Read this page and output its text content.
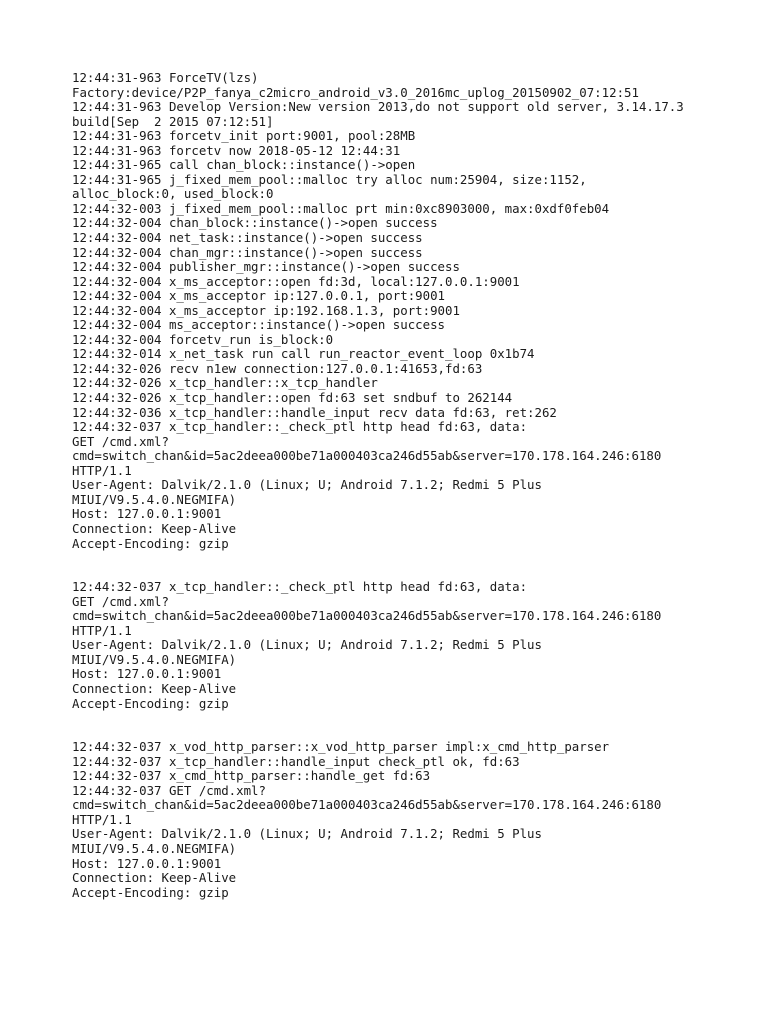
12:44:31-963 ForceTV(lzs)
Factory:device/P2P_fanya_c2micro_android_v3.0_2016mc_uplog_20150902_07:12:51
12:44:31-963 Develop Version:New version 2013,do not support old server, 3.14.17.3
build[Sep  2 2015 07:12:51]
12:44:31-963 forcetv_init port:9001, pool:28MB
12:44:31-963 forcetv now 2018-05-12 12:44:31
12:44:31-965 call chan_block::instance()->open
12:44:31-965 j_fixed_mem_pool::malloc try alloc num:25904, size:1152,
alloc_block:0, used_block:0
12:44:32-003 j_fixed_mem_pool::malloc prt min:0xc8903000, max:0xdf0feb04
12:44:32-004 chan_block::instance()->open success
12:44:32-004 net_task::instance()->open success
12:44:32-004 chan_mgr::instance()->open success
12:44:32-004 publisher_mgr::instance()->open success
12:44:32-004 x_ms_acceptor::open fd:3d, local:127.0.0.1:9001
12:44:32-004 x_ms_acceptor ip:127.0.0.1, port:9001
12:44:32-004 x_ms_acceptor ip:192.168.1.3, port:9001
12:44:32-004 ms_acceptor::instance()->open success
12:44:32-004 forcetv_run is_block:0
12:44:32-014 x_net_task run call run_reactor_event_loop 0x1b74
12:44:32-026 recv n1ew connection:127.0.0.1:41653,fd:63
12:44:32-026 x_tcp_handler::x_tcp_handler
12:44:32-026 x_tcp_handler::open fd:63 set sndbuf to 262144
12:44:32-036 x_tcp_handler::handle_input recv data fd:63, ret:262
12:44:32-037 x_tcp_handler::_check_ptl http head fd:63, data:
GET /cmd.xml?
cmd=switch_chan&id=5ac2deea000be71a000403ca246d55ab&server=170.178.164.246:6180
HTTP/1.1
User-Agent: Dalvik/2.1.0 (Linux; U; Android 7.1.2; Redmi 5 Plus
MIUI/V9.5.4.0.NEGMIFA)
Host: 127.0.0.1:9001
Connection: Keep-Alive
Accept-Encoding: gzip
12:44:32-037 x_tcp_handler::_check_ptl http head fd:63, data:
GET /cmd.xml?
cmd=switch_chan&id=5ac2deea000be71a000403ca246d55ab&server=170.178.164.246:6180
HTTP/1.1
User-Agent: Dalvik/2.1.0 (Linux; U; Android 7.1.2; Redmi 5 Plus
MIUI/V9.5.4.0.NEGMIFA)
Host: 127.0.0.1:9001
Connection: Keep-Alive
Accept-Encoding: gzip
12:44:32-037 x_vod_http_parser::x_vod_http_parser impl:x_cmd_http_parser
12:44:32-037 x_tcp_handler::handle_input check_ptl ok, fd:63
12:44:32-037 x_cmd_http_parser::handle_get fd:63
12:44:32-037 GET /cmd.xml?
cmd=switch_chan&id=5ac2deea000be71a000403ca246d55ab&server=170.178.164.246:6180
HTTP/1.1
User-Agent: Dalvik/2.1.0 (Linux; U; Android 7.1.2; Redmi 5 Plus
MIUI/V9.5.4.0.NEGMIFA)
Host: 127.0.0.1:9001
Connection: Keep-Alive
Accept-Encoding: gzip
